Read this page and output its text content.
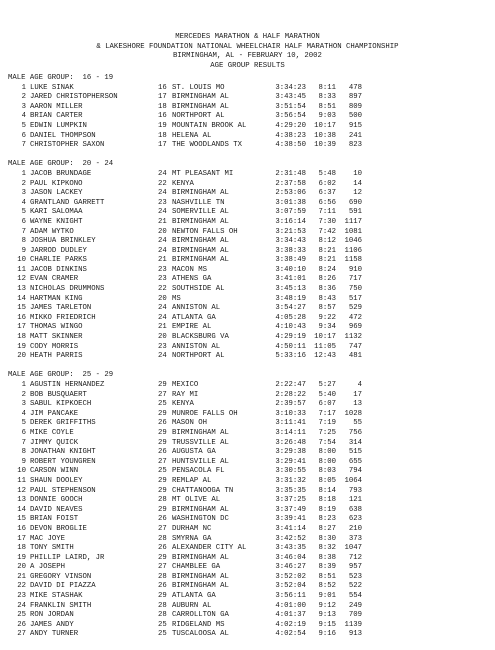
MERCEDES MARATHON & HALF MARATHON
& LAKESHORE FOUNDATION NATIONAL WHEELCHAIR HALF MARATHON CHAMPIONSHIP
BIRMINGHAM, AL - FEBRUARY 10, 2002
AGE GROUP RESULTS
MALE AGE GROUP:  16 - 19
1 LUKE SINAK	16 ST. LOUIS MO	3:34:23	8:11	478
2 JARED CHRISTOPHERSON	17 BIRMINGHAM AL	3:43:45	8:33	897
3 AARON MILLER	18 BIRMINGHAM AL	3:51:54	8:51	809
4 BRIAN CARTER	16 NORTHPORT AL	3:56:54	9:03	500
5 EDWIN LUMPKIN	19 MOUNTAIN BROOK AL	4:29:20	10:17	915
6 DANIEL THOMPSON	18 HELENA AL	4:38:23	10:38	241
7 CHRISTOPHER SAXON	17 THE WOODLANDS TX	4:38:50	10:39	823
MALE AGE GROUP:  20 - 24
1 JACOB BRUNDAGE	24 MT PLEASANT MI	2:31:48	5:48	10
2 PAUL KIPKONO	22 KENYA	2:37:58	6:02	14
3 JASON LACKEY	24 BIRMINGHAM AL	2:53:06	6:37	12
4 GRANTLAND GARRETT	23 NASHVILLE TN	3:01:38	6:56	690
5 KARI SALOMAA	24 SOMERVILLE AL	3:07:59	7:11	591
6 WAYNE KNIGHT	21 BIRMINGHAM AL	3:16:14	7:30	1117
7 ADAM WYTKO	20 NEWTON FALLS OH	3:21:53	7:42	1081
8 JOSHUA BRINKLEY	24 BIRMINGHAM AL	3:34:43	8:12	1046
9 JARROD DUDLEY	24 BIRMINGHAM AL	3:38:33	8:21	1106
10 CHARLIE PARKS	21 BIRMINGHAM AL	3:38:49	8:21	1158
11 JACOB DINKINS	23 MACON MS	3:40:10	8:24	910
12 EVAN CRAMER	23 ATHENS GA	3:41:01	8:26	717
13 NICHOLAS DRUMMONS	22 SOUTHSIDE AL	3:45:13	8:36	750
14 HARTMAN KING	20 MS	3:48:19	8:43	517
15 JAMES TARLETON	24 ANNISTON AL	3:54:27	8:57	529
16 MIKKO FRIEDRICH	24 ATLANTA GA	4:05:28	9:22	472
17 THOMAS WINGO	21 EMPIRE AL	4:10:43	9:34	969
18 MATT SKINNER	20 BLACKSBURG VA	4:29:19	10:17	1132
19 CODY MORRIS	23 ANNISTON AL	4:50:11	11:05	747
20 HEATH PARRIS	24 NORTHPORT AL	5:33:16	12:43	481
MALE AGE GROUP:  25 - 29
1 AGUSTIN HERNANDEZ	29 MEXICO	2:22:47	5:27	4
2 BOB BUSQUAERT	27 RAY MI	2:28:22	5:40	17
3 SABUL KIPKOECH	25 KENYA	2:39:57	6:07	13
4 JIM PANCAKE	29 MUNROE FALLS OH	3:10:33	7:17	1028
5 DEREK GRIFFITHS	26 MASON OH	3:11:41	7:19	55
6 MIKE COYLE	29 BIRMINGHAM AL	3:14:11	7:25	756
7 JIMMY QUICK	29 TRUSSVILLE AL	3:26:48	7:54	314
8 JONATHAN KNIGHT	26 AUGUSTA GA	3:29:38	8:00	515
9 ROBERT YOUNGREN	27 HUNTSVILLE AL	3:29:41	8:00	655
10 CARSON WINN	25 PENSACOLA FL	3:30:55	8:03	794
11 SHAUN DOOLEY	29 REMLAP AL	3:31:32	8:05	1064
12 PAUL STEPHENSON	29 CHATTANOOGA TN	3:35:35	8:14	793
13 DONNIE GOOCH	28 MT OLIVE AL	3:37:25	8:18	121
14 DAVID NEAVES	29 BIRMINGHAM AL	3:37:49	8:19	638
15 BRIAN FOIST	26 WASHINGTON DC	3:39:41	8:23	623
16 DEVON BROGLIE	27 DURHAM NC	3:41:14	8:27	210
17 MAC JOYE	28 SMYRNA GA	3:42:52	8:30	373
18 TONY SMITH	26 ALEXANDER CITY AL	3:43:35	8:32	1047
19 PHILLIP LAIRD, JR	29 BIRMINGHAM AL	3:46:04	8:38	712
20 A JOSEPH	27 CHAMBLEE GA	3:46:27	8:39	957
21 GREGORY VINSON	28 BIRMINGHAM AL	3:52:02	8:51	523
22 DAVID DI PIAZZA	26 BIRMINGHAM AL	3:52:04	8:52	522
23 MIKE STASHAK	29 ATLANTA GA	3:56:11	9:01	554
24 FRANKLIN SMITH	28 AUBURN AL	4:01:00	9:12	249
25 RON JORDAN	28 CARROLLTON GA	4:01:37	9:13	709
26 JAMES ANDY	25 RIDGELAND MS	4:02:19	9:15	1139
27 ANDY TURNER	25 TUSCALOOSA AL	4:02:54	9:16	913
